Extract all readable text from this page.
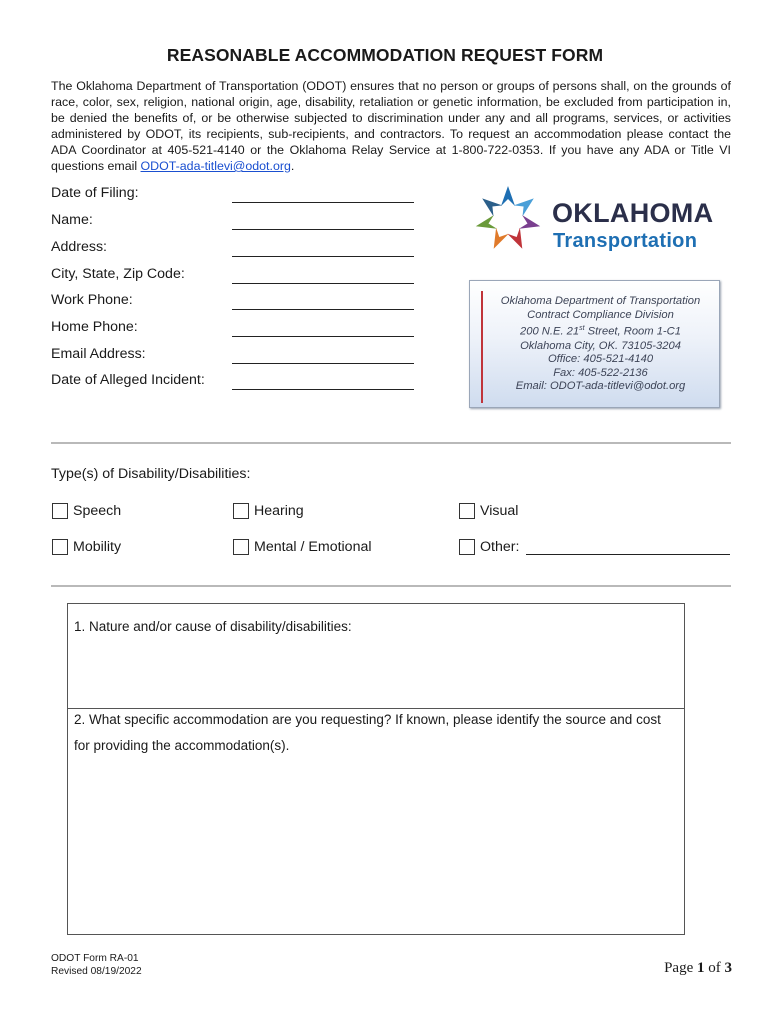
REASONABLE ACCOMMODATION REQUEST FORM
The Oklahoma Department of Transportation (ODOT) ensures that no person or groups of persons shall, on the grounds of race, color, sex, religion, national origin, age, disability, retaliation or genetic information, be excluded from participation in, be denied the benefits of, or be otherwise subjected to discrimination under any and all programs, services, or activities administered by ODOT, its recipients, sub-recipients, and contractors. To request an accommodation please contact the ADA Coordinator at 405-521-4140 or the Oklahoma Relay Service at 1-800-722-0353. If you have any ADA or Title VI questions email ODOT-ada-titlevi@odot.org.
Date of Filing:
Name:
Address:
City, State, Zip Code:
Work Phone:
Home Phone:
Email Address:
Date of Alleged Incident:
OKLAHOMA
Transportation
Oklahoma Department of Transportation
Contract Compliance Division
200 N.E. 21st Street, Room 1-C1
Oklahoma City, OK. 73105-3204
Office: 405-521-4140
Fax: 405-522-2136
Email: ODOT-ada-titlevi@odot.org
Type(s) of Disability/Disabilities:
Speech	Hearing	Visual
Mobility	Mental / Emotional	Other:
1. Nature and/or cause of disability/disabilities:
2. What specific accommodation are you requesting? If known, please identify the source and cost for providing the accommodation(s).
ODOT Form RA-01
Revised 08/19/2022	Page 1 of 3
